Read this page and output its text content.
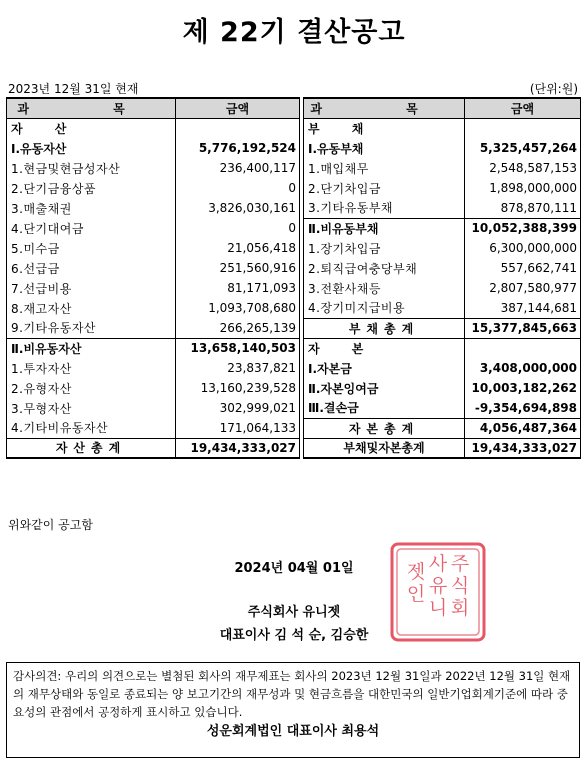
제 22기 결산공고
2023년 12월 31일 현재	(단위:원)
과 목	금액		과 목	금액
자 산			부 채	
Ⅰ.유동자산	5,776,192,524		Ⅰ.유동부채	5,325,457,264
1.현금및현금성자산	236,400,117		1.매입채무	2,548,587,153
2.단기금융상품	0		2.단기차입금	1,898,000,000
3.매출채권	3,826,030,161		3.기타유동부채	878,870,111
4.단기대여금	0		Ⅱ.비유동부채	10,052,388,399
5.미수금	21,056,418		1.장기차입금	6,300,000,000
6.선급금	251,560,916		2.퇴직급여충당부채	557,662,741
7.선급비용	81,171,093		3.전환사채등	2,807,580,977
8.재고자산	1,093,708,680		4.장기미지급비용	387,144,681
9.기타유동자산	266,265,139		부채총계	15,377,845,663
Ⅱ.비유동자산	13,658,140,503		자 본	
1.투자자산	23,837,821		Ⅰ.자본금	3,408,000,000
2.유형자산	13,160,239,528		Ⅱ.자본잉여금	10,003,182,262
3.무형자산	302,999,021		Ⅲ.결손금	-9,354,694,898
4.기타비유동자산	171,064,133		자본총계	4,056,487,364
자산총계	19,434,333,027		부채및자본총계	19,434,333,027
위와같이 공고함
2024년 04월 01일
주식회사 유니젯
대표이사 김 석 순, 김승한
주
식
회
사
유
니
젯
인
감사의견: 우리의 의견으로는 별첨된 회사의 재무제표는 회사의 2023년 12월 31일과 2022년 12월 31일 현재의 재무상태와 동일로 종료되는 양 보고기간의 재무성과 및 현금흐름을 대한민국의 일반기업회계기준에 따라 중요성의 관점에서 공정하게 표시하고 있습니다.
성운회계법인 대표이사 최용석
